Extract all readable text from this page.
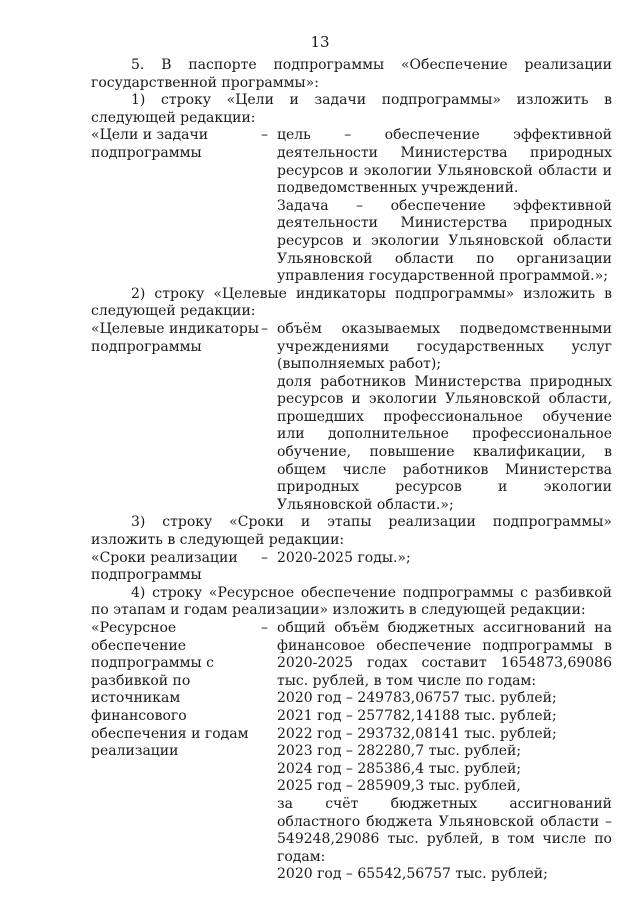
13

5. В паспорте подпрограммы «Обеспечение реализации государственной программы»:

1) строку «Цели и задачи подпрограммы» изложить в следующей редакции:

«Цели и задачи подпрограммы
– цель – обеспечение эффективной деятельности Министерства природных ресурсов и экологии Ульяновской области и подведомственных учреждений.
Задача – обеспечение эффективной деятельности Министерства природных ресурсов и экологии Ульяновской области Ульяновской области по организации управления государственной программой.»;

2) строку «Целевые индикаторы подпрограммы» изложить в следующей редакции:

«Целевые индикаторы подпрограммы
– объём оказываемых подведомственными учреждениями государственных услуг (выполняемых работ);
доля работников Министерства природных ресурсов и экологии Ульяновской области, прошедших профессиональное обучение или дополнительное профессиональное обучение, повышение квалификации, в общем числе работников Министерства природных ресурсов и экологии Ульяновской области.»;

3) строку «Сроки и этапы реализации подпрограммы» изложить в следующей редакции:

«Сроки реализации подпрограммы
– 2020-2025 годы.»;

4) строку «Ресурсное обеспечение подпрограммы с разбивкой по этапам и годам реализации» изложить в следующей редакции:

«Ресурсное обеспечение подпрограммы с разбивкой по источникам финансового обеспечения и годам реализации
– общий объём бюджетных ассигнований на финансовое обеспечение подпрограммы в 2020-2025 годах составит 1654873,69086 тыс. рублей, в том числе по годам:
2020 год – 249783,06757 тыс. рублей;
2021 год – 257782,14188 тыс. рублей;
2022 год – 293732,08141 тыс. рублей;
2023 год – 282280,7 тыс. рублей;
2024 год – 285386,4 тыс. рублей;
2025 год – 285909,3 тыс. рублей,
за счёт бюджетных ассигнований областного бюджета Ульяновской области – 549248,29086 тыс. рублей, в том числе по годам:
2020 год – 65542,56757 тыс. рублей;
